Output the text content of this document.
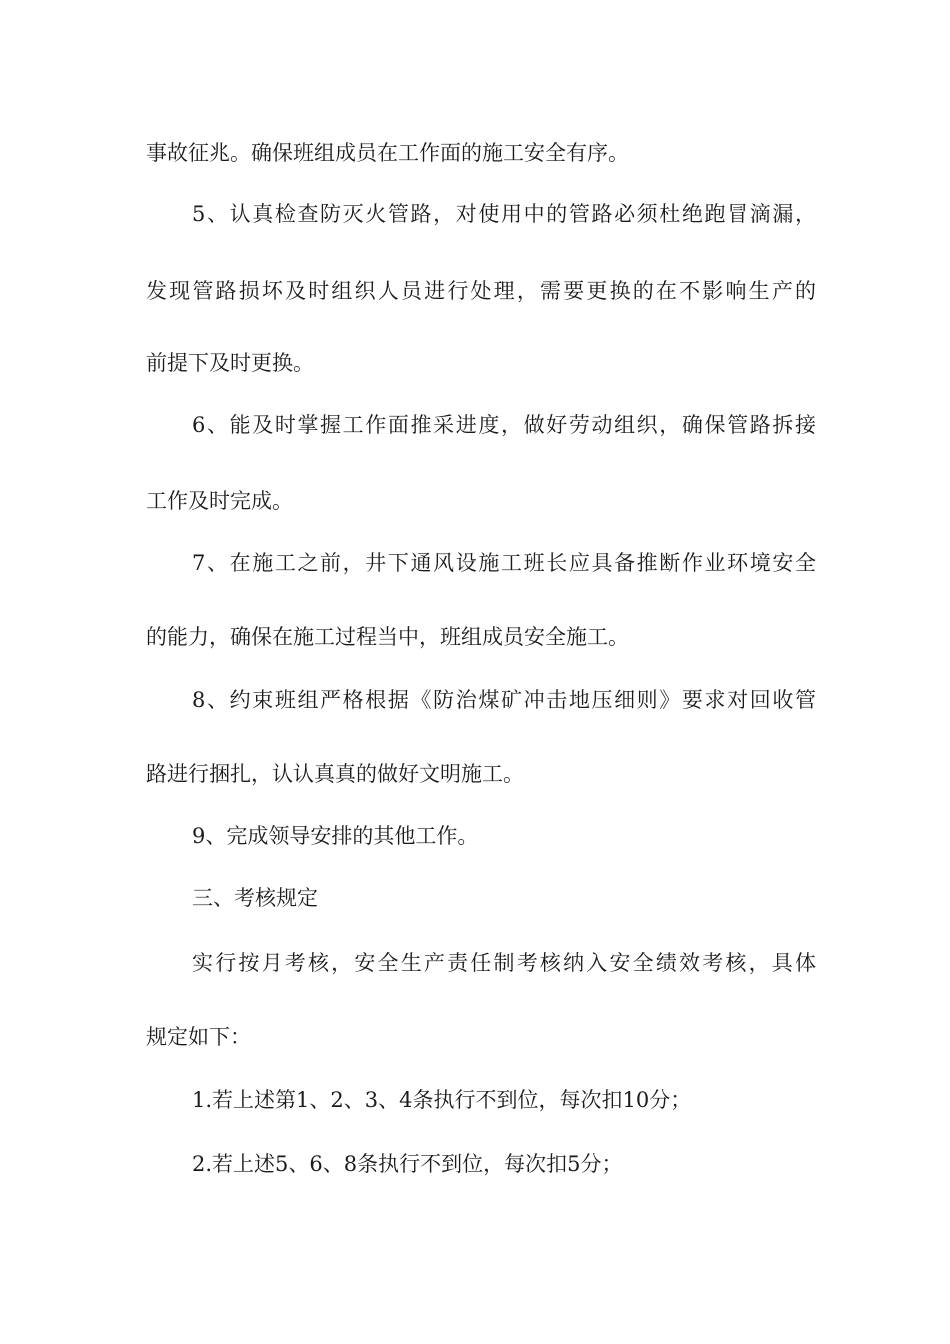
事故征兆。确保班组成员在工作面的施工安全有序。
5、认真检查防灭火管路，对使用中的管路必须杜绝跑冒滴漏，
发现管路损坏及时组织人员进行处理，需要更换的在不影响生产的
前提下及时更换。
6、能及时掌握工作面推采进度，做好劳动组织，确保管路拆接
工作及时完成。
7、在施工之前，井下通风设施工班长应具备推断作业环境安全
的能力，确保在施工过程当中，班组成员安全施工。
8、约束班组严格根据《防治煤矿冲击地压细则》要求对回收管
路进行捆扎，认认真真的做好文明施工。
9、完成领导安排的其他工作。
三、考核规定
实行按月考核，安全生产责任制考核纳入安全绩效考核，具体
规定如下：
1.若上述第1、2、3、4条执行不到位，每次扣10分；
2.若上述5、6、8条执行不到位，每次扣5分；
